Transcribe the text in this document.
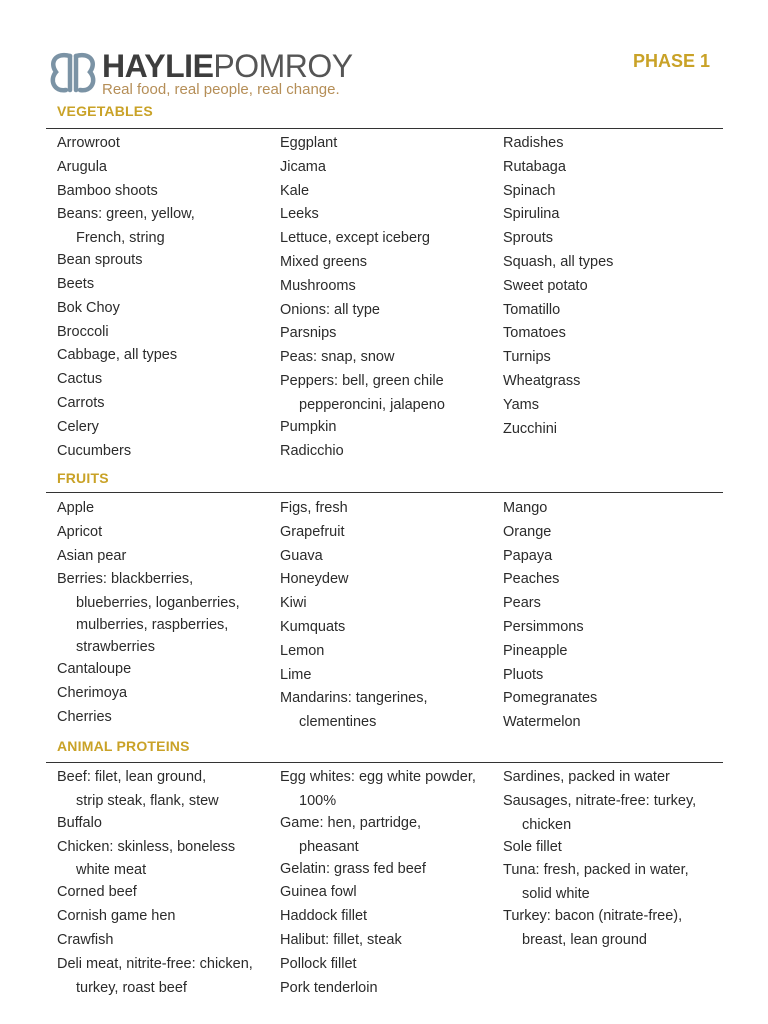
HAYLIEPOMROY
Real food, real people, real change.
PHASE 1
VEGETABLES
Arrowroot
Arugula
Bamboo shoots
Beans: green, yellow,
French, string
Bean sprouts
Beets
Bok Choy
Broccoli
Cabbage, all types
Cactus
Carrots
Celery
Cucumbers
Eggplant
Jicama
Kale
Leeks
Lettuce, except iceberg
Mixed greens
Mushrooms
Onions: all type
Parsnips
Peas: snap, snow
Peppers: bell, green chile
pepperoncini, jalapeno
Pumpkin
Radicchio
Radishes
Rutabaga
Spinach
Spirulina
Sprouts
Squash, all types
Sweet potato
Tomatillo
Tomatoes
Turnips
Wheatgrass
Yams
Zucchini
FRUITS
Apple
Apricot
Asian pear
Berries: blackberries,
blueberries, loganberries,
mulberries, raspberries,
strawberries
Cantaloupe
Cherimoya
Cherries
Figs, fresh
Grapefruit
Guava
Honeydew
Kiwi
Kumquats
Lemon
Lime
Mandarins: tangerines,
clementines
Mango
Orange
Papaya
Peaches
Pears
Persimmons
Pineapple
Pluots
Pomegranates
Watermelon
ANIMAL PROTEINS
Beef: filet, lean ground,
strip steak, flank, stew
Buffalo
Chicken: skinless, boneless
white meat
Corned beef
Cornish game hen
Crawfish
Deli meat, nitrite-free: chicken,
turkey, roast beef
Egg whites: egg white powder,
100%
Game: hen, partridge,
pheasant
Gelatin: grass fed beef
Guinea fowl
Haddock fillet
Halibut: fillet, steak
Pollock fillet
Pork tenderloin
Sardines, packed in water
Sausages, nitrate-free: turkey,
chicken
Sole fillet
Tuna: fresh, packed in water,
solid white
Turkey: bacon (nitrate-free),
breast, lean ground
